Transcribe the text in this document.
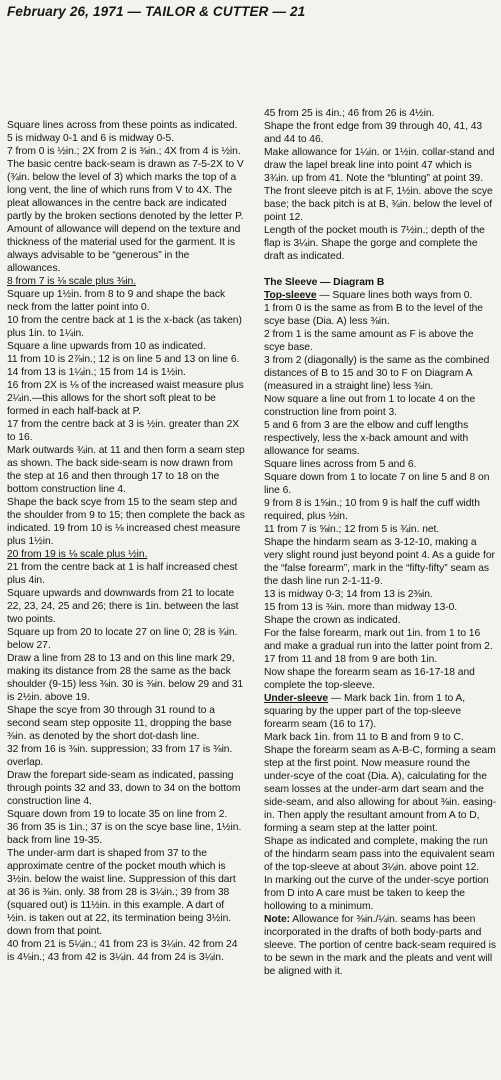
February 26, 1971 — TAILOR & CUTTER — 21

Square lines across from these points as indicated.

5 is midway 0-1 and 6 is midway 0-5.

7 from 0 is ½in.; 2X from 2 is ⅜in.; 4X from 4 is ½in.

The basic centre back-seam is drawn as 7-5-2X to V (¾in. below the level of 3) which marks the top of a long vent, the line of which runs from V to 4X. The pleat allowances in the centre back are indicated partly by the broken sections denoted by the letter P. Amount of allowance will depend on the texture and thickness of the material used for the garment. It is always advisable to be “generous” in the allowances.

8 from 7 is ⅛ scale plus ⅜in.

Square up 1½in. from 8 to 9 and shape the back neck from the latter point into 0.

10 from the centre back at 1 is the x-back (as taken) plus 1in. to 1¼in.

Square a line upwards from 10 as indicated.

11 from 10 is 2⅞in.; 12 is on line 5 and 13 on line 6.

14 from 13 is 1¼in.; 15 from 14 is 1½in.

16 from 2X is ⅛ of the increased waist measure plus 2¼in.—this allows for the short soft pleat to be formed in each half-back at P.

17 from the centre back at 3 is ½in. greater than 2X to 16.

Mark outwards ¾in. at 11 and then form a seam step as shown. The back side-seam is now drawn from the step at 16 and then through 17 to 18 on the bottom construction line 4.

Shape the back scye from 15 to the seam step and the shoulder from 9 to 15; then complete the back as indicated. 19 from 10 is ⅛ increased chest measure plus 1½in.

20 from 19 is ⅛ scale plus ½in.

21 from the centre back at 1 is half increased chest plus 4in.

Square upwards and downwards from 21 to locate 22, 23, 24, 25 and 26; there is 1in. between the last two points.

Square up from 20 to locate 27 on line 0; 28 is ¾in. below 27.

Draw a line from 28 to 13 and on this line mark 29, making its distance from 28 the same as the back shoulder (9-15) less ⅜in. 30 is ⅜in. below 29 and 31 is 2½in. above 19.

Shape the scye from 30 through 31 round to a second seam step opposite 11, dropping the base ⅜in. as denoted by the short dot-dash line.

32 from 16 is ⅜in. suppression; 33 from 17 is ⅜in. overlap.

Draw the forepart side-seam as indicated, passing through points 32 and 33, down to 34 on the bottom construction line 4.

Square down from 19 to locate 35 on line from 2.

36 from 35 is 1in.; 37 is on the scye base line, 1½in. back from line 19-35.

The under-arm dart is shaped from 37 to the approximate centre of the pocket mouth which is 3½in. below the waist line. Suppression of this dart at 36 is ⅜in. only. 38 from 28 is 3¼in.; 39 from 38 (squared out) is 11½in. in this example. A dart of ½in. is taken out at 22, its termination being 3½in. down from that point.

40 from 21 is 5¼in.; 41 from 23 is 3¼in. 42 from 24 is 4⅛in.; 43 from 42 is 3¼in. 44 from 24 is 3¼in.

45 from 25 is 4in.; 46 from 26 is 4½in.

Shape the front edge from 39 through 40, 41, 43 and 44 to 46.

Make allowance for 1¼in. or 1½in. collar-stand and draw the lapel break line into point 47 which is 3¾in. up from 41. Note the “blunting” at point 39.

The front sleeve pitch is at F, 1½in. above the scye base; the back pitch is at B, ¾in. below the level of point 12.

Length of the pocket mouth is 7½in.; depth of the flap is 3¼in. Shape the gorge and complete the draft as indicated.

The Sleeve — Diagram B

Top-sleeve — Square lines both ways from 0.

1 from 0 is the same as from B to the level of the scye base (Dia. A) less ⅜in.

2 from 1 is the same amount as F is above the scye base.

3 from 2 (diagonally) is the same as the combined distances of B to 15 and 30 to F on Diagram A (measured in a straight line) less ⅜in.

Now square a line out from 1 to locate 4 on the construction line from point 3.

5 and 6 from 3 are the elbow and cuff lengths respectively, less the x-back amount and with allowance for seams.

Square lines across from 5 and 6.

Square down from 1 to locate 7 on line 5 and 8 on line 6.

9 from 8 is 1⅝in.; 10 from 9 is half the cuff width required, plus ½in.

11 from 7 is ⅝in.; 12 from 5 is ¾in. net.

Shape the hindarm seam as 3-12-10, making a very slight round just beyond point 4. As a guide for the “false forearm”, mark in the “fifty-fifty” seam as the dash line run 2-1-11-9.

13 is midway 0-3; 14 from 13 is 2⅜in.

15 from 13 is ⅜in. more than midway 13-0.

Shape the crown as indicated.

For the false forearm, mark out 1in. from 1 to 16 and make a gradual run into the latter point from 2.

17 from 11 and 18 from 9 are both 1in.

Now shape the forearm seam as 16-17-18 and complete the top-sleeve.

Under-sleeve — Mark back 1in. from 1 to A, squaring by the upper part of the top-sleeve forearm seam (16 to 17).

Mark back 1in. from 11 to B and from 9 to C.

Shape the forearm seam as A-B-C, forming a seam step at the first point. Now measure round the under-scye of the coat (Dia. A), calculating for the seam losses at the under-arm dart seam and the side-seam, and also allowing for about ⅜in. easing-in. Then apply the resultant amount from A to D, forming a seam step at the latter point.

Shape as indicated and complete, making the run of the hindarm seam pass into the equivalent seam of the top-sleeve at about 3¼in. above point 12.

In marking out the curve of the under-scye portion from D into A care must be taken to keep the hollowing to a minimum.

Note: Allowance for ⅜in./¼in. seams has been incorporated in the drafts of both body-parts and sleeve. The portion of centre back-seam required is to be sewn in the mark and the pleats and vent will be aligned with it.
